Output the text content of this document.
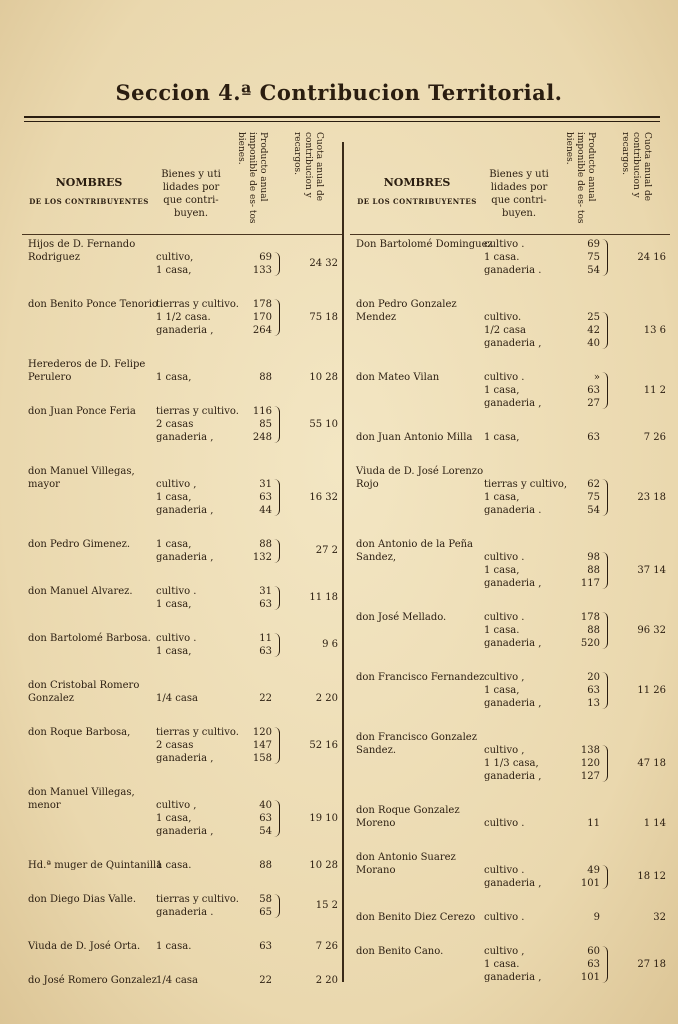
Seccion 4.ª Contribucion Territorial.
NOMBRES
DE LOS CONTRIBUYENTES
Bienes y uti lidades por que contri- buyen.
Producto anual imponible de es- tos bienes.	Cuota anual de contribucion y recargos.
Hijos de D. Fernando Rodriguez	cultivo,	69
1 casa,	133
24 32
don Benito Ponce Tenorio
tierras y cultivo.	178
1 1/2 casa.	170
ganaderia ,	264
75 18
Herederos de D. Felipe Perulero	1 casa,	88	10 28
don Juan Ponce Feria	tierras y cultivo.	116
2 casas	85
ganaderia ,	248
55 10
don Manuel Villegas, mayor	cultivo ,	31
1 casa,	63
ganaderia ,	44
16 32
don Pedro Gimenez.	1 casa,	88
ganaderia ,	132
27 2
don Manuel Alvarez.	cultivo .	31
1 casa,	63
11 18
don Bartolomé Barbosa. cultivo .	11
1 casa,	63
9 6
don Cristobal Romero Gonzalez	1/4 casa	22	2 20
don Roque Barbosa,	tierras y cultivo.	120
2 casas	147
ganaderia ,	158
52 16
don Manuel Villegas, menor	cultivo ,	40
1 casa,	63
ganaderia ,	54
19 10
Hd.ª muger de Quintanilla
1 casa.	88	10 28
don Diego Dias Valle.	tierras y cultivo.	58
ganaderia .	65
15 2
Viuda de D. José Orta.	1 casa.	63	7 26
do José Romero Gonzalez 1/4 casa	22	2 20
NOMBRES
DE LOS CONTRIBUYENTES
Bienes y uti lidades por que contri- buyen.
Producto anual imponible de es- tos bienes.	Cuota anual de contribucion y recargos.
Don Bartolomé Dominguez
cultivo .	69
1 casa.	75
ganaderia .	54
24 16
don Pedro Gonzalez Mendez	cultivo.	25
1/2 casa	42
ganaderia ,	40
13 6
don Mateo Vilan	cultivo .	»
1 casa,	63
ganaderia ,	27
11 2
don Juan Antonio Milla	1 casa,	63	7 26
Viuda de D. José Lorenzo Rojo	tierras y cultivo,	62
1 casa,	75
ganaderia .	54
23 18
don Antonio de la Peña Sandez,	cultivo .	98
1 casa,	88
ganaderia ,	117
37 14
don José Mellado.	cultivo .	178
1 casa.	88
ganaderia ,	520
96 32
don Francisco Fernandez cultivo ,	20
1 casa,	63
ganaderia ,	13
11 26
don Francisco Gonzalez Sandez.	cultivo ,	138
1 1/3 casa,	120
ganaderia ,	127
47 18
don Roque Gonzalez Moreno	cultivo .	11	1 14
don Antonio Suarez Morano	cultivo .	49
ganaderia ,	101
18 12
don Benito Diez Cerezo cultivo .	9	32
don Benito Cano.	cultivo ,	60
1 casa.	63
ganaderia ,	101
27 18
